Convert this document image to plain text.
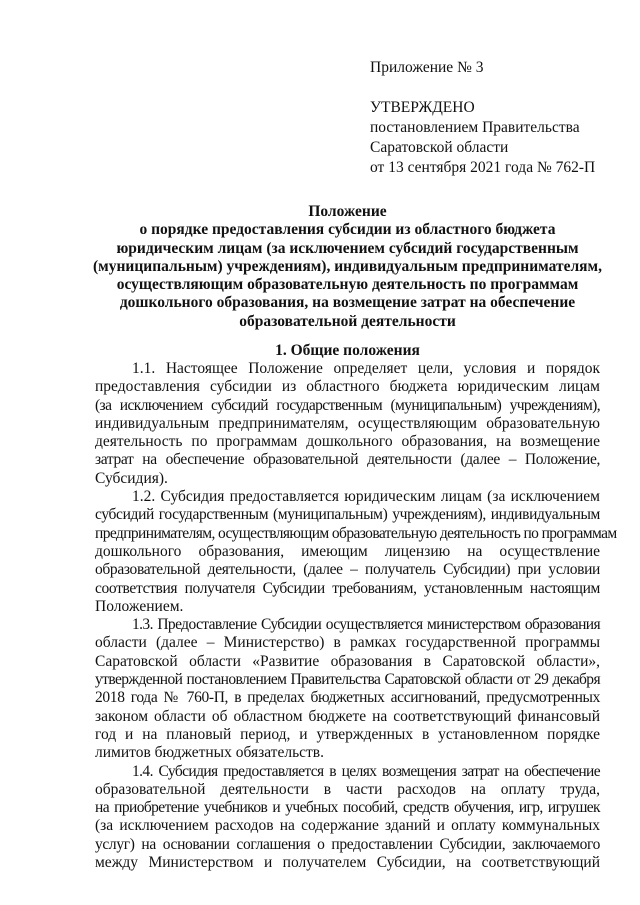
Приложение № 3
УТВЕРЖДЕНО
постановлением Правительства
Саратовской области
от 13 сентября 2021 года № 762-П
Положение
о порядке предоставления субсидии из областного бюджета
юридическим лицам (за исключением субсидий государственным
(муниципальным) учреждениям), индивидуальным предпринимателям,
осуществляющим образовательную деятельность по программам
дошкольного образования, на возмещение затрат на обеспечение
образовательной деятельности
1. Общие положения

1.1. Настоящее Положение определяет цели, условия и порядок
предоставления субсидии из областного бюджета юридическим лицам
(за исключением субсидий государственным (муниципальным) учреждениям),
индивидуальным предпринимателям, осуществляющим образовательную
деятельность по программам дошкольного образования, на возмещение
затрат на обеспечение образовательной деятельности (далее – Положение,
Субсидия).

1.2. Субсидия предоставляется юридическим лицам (за исключением
субсидий государственным (муниципальным) учреждениям), индивидуальным
предпринимателям, осуществляющим образовательную деятельность по программам
дошкольного образования, имеющим лицензию на осуществление
образовательной деятельности, (далее – получатель Субсидии) при условии
соответствия получателя Субсидии требованиям, установленным настоящим
Положением.

1.3. Предоставление Субсидии осуществляется министерством образования
области (далее – Министерство) в рамках государственной программы
Саратовской области «Развитие образования в Саратовской области»,
утвержденной постановлением Правительства Саратовской области от 29 декабря
2018 года № 760-П, в пределах бюджетных ассигнований, предусмотренных
законом области об областном бюджете на соответствующий финансовый
год и на плановый период, и утвержденных в установленном порядке
лимитов бюджетных обязательств.

1.4. Субсидия предоставляется в целях возмещения затрат на обеспечение
образовательной деятельности в части расходов на оплату труда,
на приобретение учебников и учебных пособий, средств обучения, игр, игрушек
(за исключением расходов на содержание зданий и оплату коммунальных
услуг) на основании соглашения о предоставлении Субсидии, заключаемого
между Министерством и получателем Субсидии, на соответствующий
